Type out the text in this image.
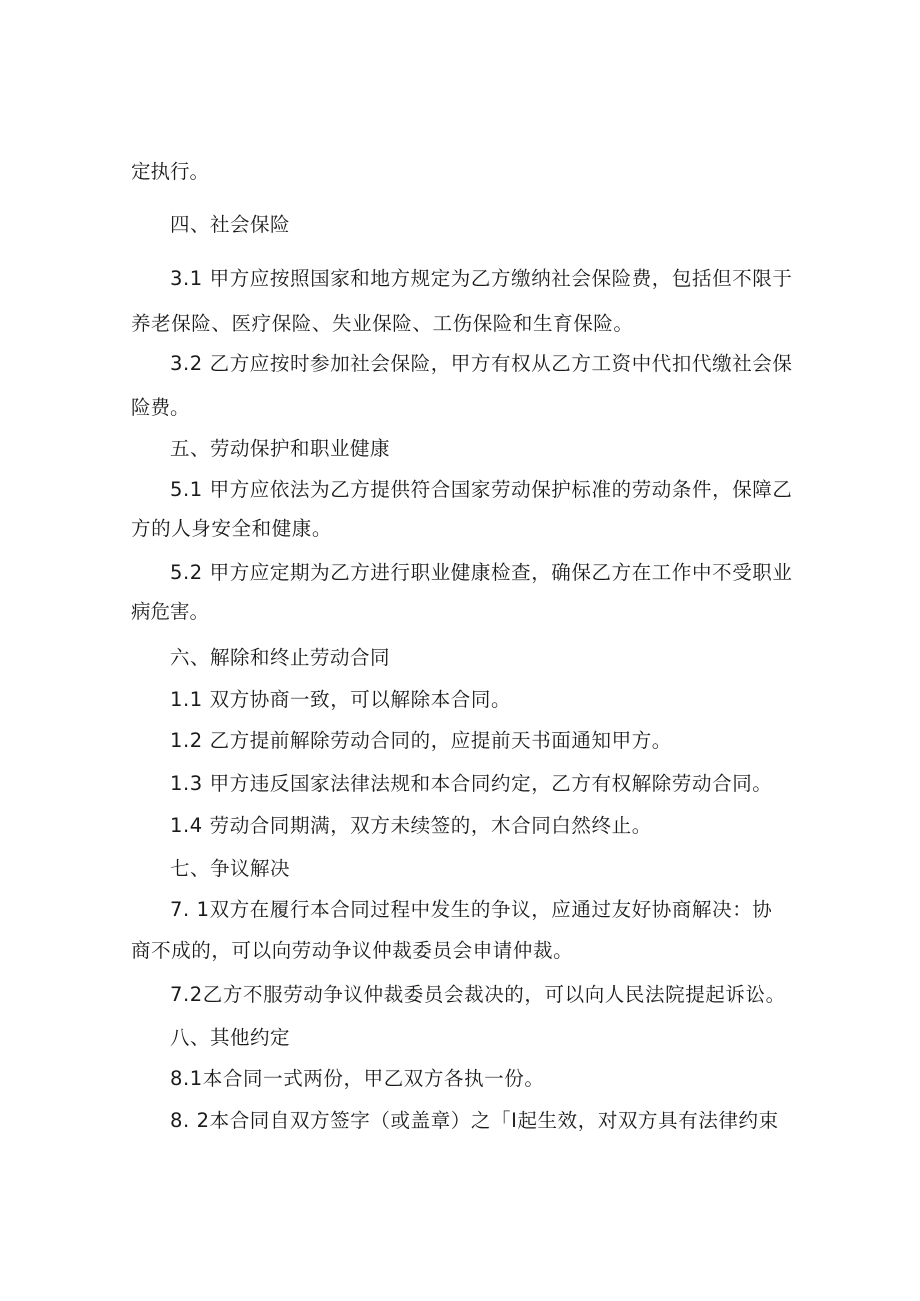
定执行。

四、社会保险

3.1 甲方应按照国家和地方规定为乙方缴纳社会保险费，包括但不限于

养老保险、医疗保险、失业保险、工伤保险和生育保险。

3.2 乙方应按时参加社会保险，甲方有权从乙方工资中代扣代缴社会保

险费。

五、劳动保护和职业健康

5.1 甲方应依法为乙方提供符合国家劳动保护标准的劳动条件，保障乙

方的人身安全和健康。

5.2 甲方应定期为乙方进行职业健康检查，确保乙方在工作中不受职业

病危害。

六、解除和终止劳动合同

1.1 双方协商一致，可以解除本合同。

1.2 乙方提前解除劳动合同的，应提前天书面通知甲方。

1.3 甲方违反国家法律法规和本合同约定，乙方有权解除劳动合同。

1.4 劳动合同期满，双方未续签的，木合同白然终止。

七、争议解决

7. 1双方在履行本合同过程中发生的争议，应通过友好协商解决：协

商不成的，可以向劳动争议仲裁委员会申请仲裁。

7.2乙方不服劳动争议仲裁委员会裁决的，可以向人民法院提起诉讼。

八、其他约定

8.1本合同一式两份，甲乙双方各执一份。

8. 2本合同自双方签字（或盖章）之「I起生效，对双方具有法律约束
